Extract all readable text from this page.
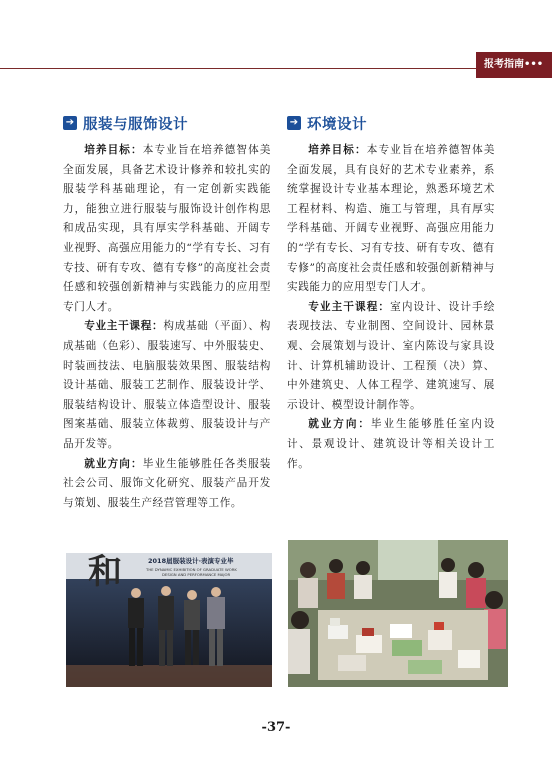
报考指南•••
➔ 服装与服饰设计

培养目标：本专业旨在培养德智体美全面发展，具备艺术设计修养和较扎实的服装学科基础理论，有一定创新实践能力，能独立进行服装与服饰设计创作构思和成品实现，具有厚实学科基础、开阔专业视野、高强应用能力的“学有专长、习有专技、研有专攻、德有专修”的高度社会责任感和较强创新精神与实践能力的应用型专门人才。

专业主干课程：构成基础（平面）、构成基础（色彩）、服装速写、中外服装史、时装画技法、电脑服装效果图、服装结构设计基础、服装工艺制作、服装设计学、服装结构设计、服装立体造型设计、服装图案基础、服装立体裁剪、服装设计与产品开发等。

就业方向：毕业生能够胜任各类服装社会公司、服饰文化研究、服装产品开发与策划、服装生产经营管理等工作。

➔ 环境设计

培养目标：本专业旨在培养德智体美全面发展，具有良好的艺术专业素养，系统掌握设计专业基本理论，熟悉环境艺术工程材料、构造、施工与管理，具有厚实学科基础、开阔专业视野、高强应用能力的“学有专长、习有专技、研有专攻、德有专修”的高度社会责任感和较强创新精神与实践能力的应用型专门人才。

专业主干课程：室内设计、设计手绘表现技法、专业制图、空间设计、园林景观、会展策划与设计、室内陈设与家具设计、计算机辅助设计、工程预（决）算、中外建筑史、人体工程学、建筑速写、展示设计、模型设计制作等。

就业方向：毕业生能够胜任室内设计、景观设计、建筑设计等相关设计工作。

和	2018届服装设计·表演专业毕
THE DYNAMIC EXHIBITION OF GRADUATE WORK
DESIGN AND PERFORMANCE MAJOR
-37-
